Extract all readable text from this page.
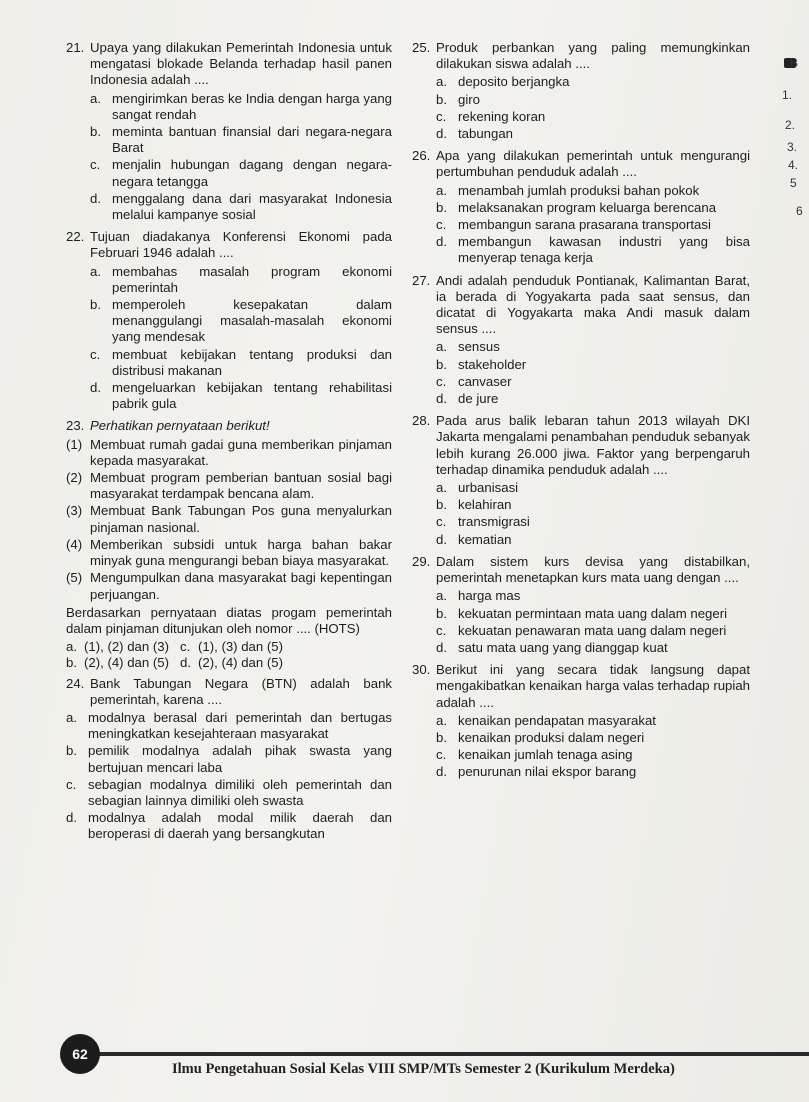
21. Upaya yang dilakukan Pemerintah Indonesia untuk mengatasi blokade Belanda terhadap hasil panen Indonesia adalah ....
a. mengirimkan beras ke India dengan harga yang sangat rendah
b. meminta bantuan finansial dari negara-negara Barat
c. menjalin hubungan dagang dengan negara-negara tetangga
d. menggalang dana dari masyarakat Indonesia melalui kampanye sosial
22. Tujuan diadakanya Konferensi Ekonomi pada Februari 1946 adalah ....
a. membahas masalah program ekonomi pemerintah
b. memperoleh kesepakatan dalam menanggulangi masalah-masalah ekonomi yang mendesak
c. membuat kebijakan tentang produksi dan distribusi makanan
d. mengeluarkan kebijakan tentang rehabilitasi pabrik gula
23. Perhatikan pernyataan berikut!
(1) Membuat rumah gadai guna memberikan pinjaman kepada masyarakat.
(2) Membuat program pemberian bantuan sosial bagi masyarakat terdampak bencana alam.
(3) Membuat Bank Tabungan Pos guna menyalurkan pinjaman nasional.
(4) Memberikan subsidi untuk harga bahan bakar minyak guna mengurangi beban biaya masyarakat.
(5) Mengumpulkan dana masyarakat bagi kepentingan perjuangan.
Berdasarkan pernyataan diatas progam pemerintah dalam pinjaman ditunjukan oleh nomor .... (HOTS)
a. (1), (2) dan (3) c. (1), (3) dan (5)
b. (2), (4) dan (5) d. (2), (4) dan (5)
24. Bank Tabungan Negara (BTN) adalah bank pemerintah, karena ....
a. modalnya berasal dari pemerintah dan bertugas meningkatkan kesejahteraan masyarakat
b. pemilik modalnya adalah pihak swasta yang bertujuan mencari laba
c. sebagian modalnya dimiliki oleh pemerintah dan sebagian lainnya dimiliki oleh swasta
d. modalnya adalah modal milik daerah dan beroperasi di daerah yang bersangkutan
25. Produk perbankan yang paling memungkinkan dilakukan siswa adalah ....
a. deposito berjangka
b. giro
c. rekening koran
d. tabungan
26. Apa yang dilakukan pemerintah untuk mengurangi pertumbuhan penduduk adalah ....
a. menambah jumlah produksi bahan pokok
b. melaksanakan program keluarga berencana
c. membangun sarana prasarana transportasi
d. membangun kawasan industri yang bisa menyerap tenaga kerja
27. Andi adalah penduduk Pontianak, Kalimantan Barat, ia berada di Yogyakarta pada saat sensus, dan dicatat di Yogyakarta maka Andi masuk dalam sensus ....
a. sensus
b. stakeholder
c. canvaser
d. de jure
28. Pada arus balik lebaran tahun 2013 wilayah DKI Jakarta mengalami penambahan penduduk sebanyak lebih kurang 26.000 jiwa. Faktor yang berpengaruh terhadap dinamika penduduk adalah ....
a. urbanisasi
b. kelahiran
c. transmigrasi
d. kematian
29. Dalam sistem kurs devisa yang distabilkan, pemerintah menetapkan kurs mata uang dengan ....
a. harga mas
b. kekuatan permintaan mata uang dalam negeri
c. kekuatan penawaran mata uang dalam negeri
d. satu mata uang yang dianggap kuat
30. Berikut ini yang secara tidak langsung dapat mengakibatkan kenaikan harga valas terhadap rupiah adalah ....
a. kenaikan pendapatan masyarakat
b. kenaikan produksi dalam negeri
c. kenaikan jumlah tenaga asing
d. penurunan nilai ekspor barang
B
1.
2.
3.
4.
5
6
62
Ilmu Pengetahuan Sosial Kelas VIII SMP/MTs Semester 2 (Kurikulum Merdeka)
